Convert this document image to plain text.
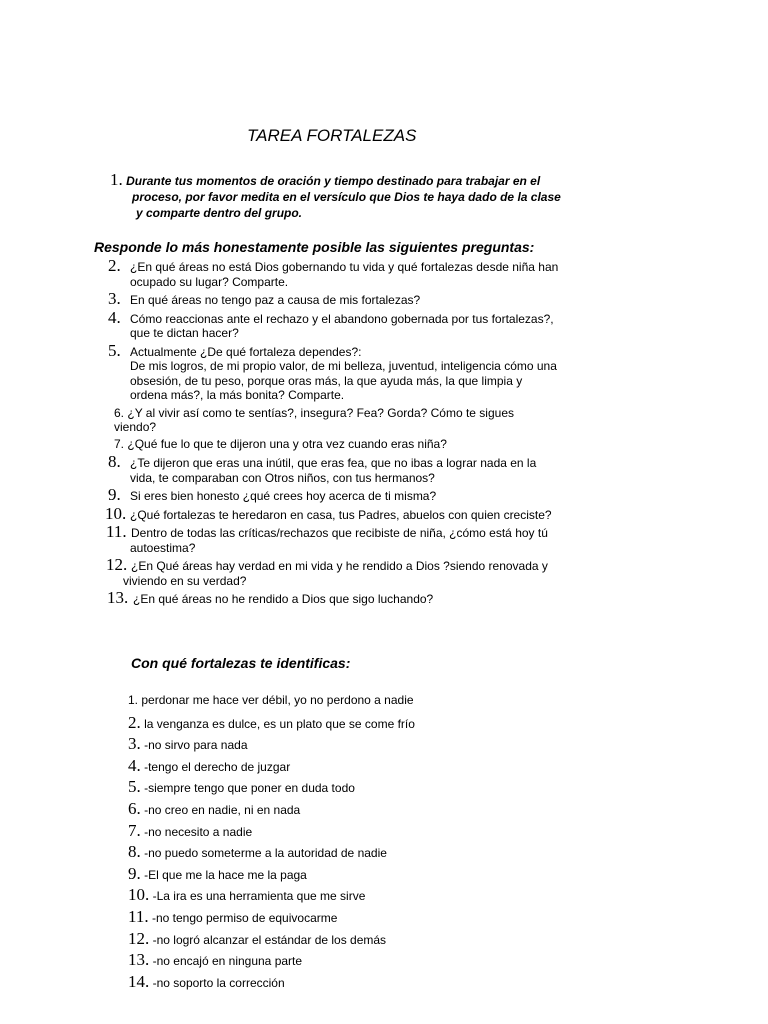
TAREA FORTALEZAS
1. Durante tus momentos de oración y tiempo destinado para trabajar en el
proceso, por favor medita en el versículo que Dios te haya dado de la clase
y comparte dentro del grupo.
Responde lo más honestamente posible las siguientes preguntas:
2. ¿En qué áreas no está Dios gobernando tu vida y qué fortalezas desde niña han
ocupado su lugar? Comparte.
3. En qué áreas no tengo paz a causa de mis fortalezas?
4. Cómo reaccionas ante el rechazo y el abandono gobernada por tus fortalezas?,
que te dictan hacer?
5. Actualmente ¿De qué fortaleza dependes?:
De mis logros, de mi propio valor, de mi belleza, juventud, inteligencia cómo una
obsesión, de tu peso, porque oras más, la que ayuda más, la que limpia y
ordena más?, la más bonita? Comparte.
6. ¿Y al vivir así como te sentías?, insegura? Fea? Gorda? Cómo te sigues
viendo?
7. ¿Qué fue lo que te dijeron una y otra vez cuando eras niña?
8. ¿Te dijeron que eras una inútil, que eras fea, que no ibas a lograr nada en la
vida, te comparaban con Otros niños, con tus hermanos?
9. Si eres bien honesto ¿qué crees hoy acerca de ti misma?
10. ¿Qué fortalezas te heredaron en casa, tus Padres, abuelos con quien creciste?
11. Dentro de todas las críticas/rechazos que recibiste de niña, ¿cómo está hoy tú
autoestima?
12. ¿En Qué áreas hay verdad en mi vida y he rendido a Dios ?siendo renovada y
viviendo en su verdad?
13. ¿En qué áreas no he rendido a Dios que sigo luchando?
Con qué fortalezas te identificas:
1. perdonar me hace ver débil, yo no perdono a nadie
2. la venganza es dulce, es un plato que se come frío
3. -no sirvo para nada
4. -tengo el derecho de juzgar
5. -siempre tengo que poner en duda todo
6. -no creo en nadie, ni en nada
7. -no necesito a nadie
8. -no puedo someterme a la autoridad de nadie
9. -El que me la hace me la paga
10. -La ira es una herramienta que me sirve
11. -no tengo permiso de equivocarme
12. -no logró alcanzar el estándar de los demás
13. -no encajó en ninguna parte
14. -no soporto la corrección
